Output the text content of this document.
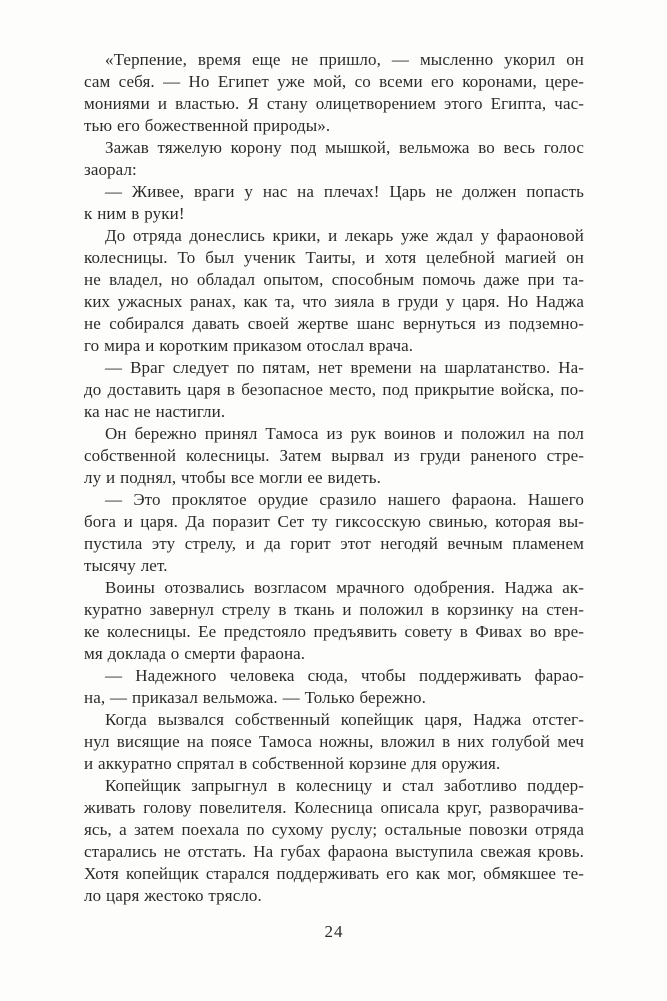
«Терпение, время еще не пришло, — мысленно укорил он
сам себя. — Но Египет уже мой, со всеми его коронами, цере-
мониями и властью. Я стану олицетворением этого Египта, час-
тью его божественной природы».
Зажав тяжелую корону под мышкой, вельможа во весь голос
заорал:
— Живее, враги у нас на плечах! Царь не должен попасть
к ним в руки!
До отряда донеслись крики, и лекарь уже ждал у фараоновой
колесницы. То был ученик Таиты, и хотя целебной магией он
не владел, но обладал опытом, способным помочь даже при та-
ких ужасных ранах, как та, что зияла в груди у царя. Но Наджа
не собирался давать своей жертве шанс вернуться из подземно-
го мира и коротким приказом отослал врача.
— Враг следует по пятам, нет времени на шарлатанство. На-
до доставить царя в безопасное место, под прикрытие войска, по-
ка нас не настигли.
Он бережно принял Тамоса из рук воинов и положил на пол
собственной колесницы. Затем вырвал из груди раненого стре-
лу и поднял, чтобы все могли ее видеть.
— Это проклятое орудие сразило нашего фараона. Нашего
бога и царя. Да поразит Сет ту гиксосскую свинью, которая вы-
пустила эту стрелу, и да горит этот негодяй вечным пламенем
тысячу лет.
Воины отозвались возгласом мрачного одобрения. Наджа ак-
куратно завернул стрелу в ткань и положил в корзинку на стен-
ке колесницы. Ее предстояло предъявить совету в Фивах во вре-
мя доклада о смерти фараона.
— Надежного человека сюда, чтобы поддерживать фарао-
на, — приказал вельможа. — Только бережно.
Когда вызвался собственный копейщик царя, Наджа отстег-
нул висящие на поясе Тамоса ножны, вложил в них голубой меч
и аккуратно спрятал в собственной корзине для оружия.
Копейщик запрыгнул в колесницу и стал заботливо поддер-
живать голову повелителя. Колесница описала круг, разворачива-
ясь, а затем поехала по сухому руслу; остальные повозки отряда
старались не отстать. На губах фараона выступила свежая кровь.
Хотя копейщик старался поддерживать его как мог, обмякшее те-
ло царя жестоко трясло.
24
